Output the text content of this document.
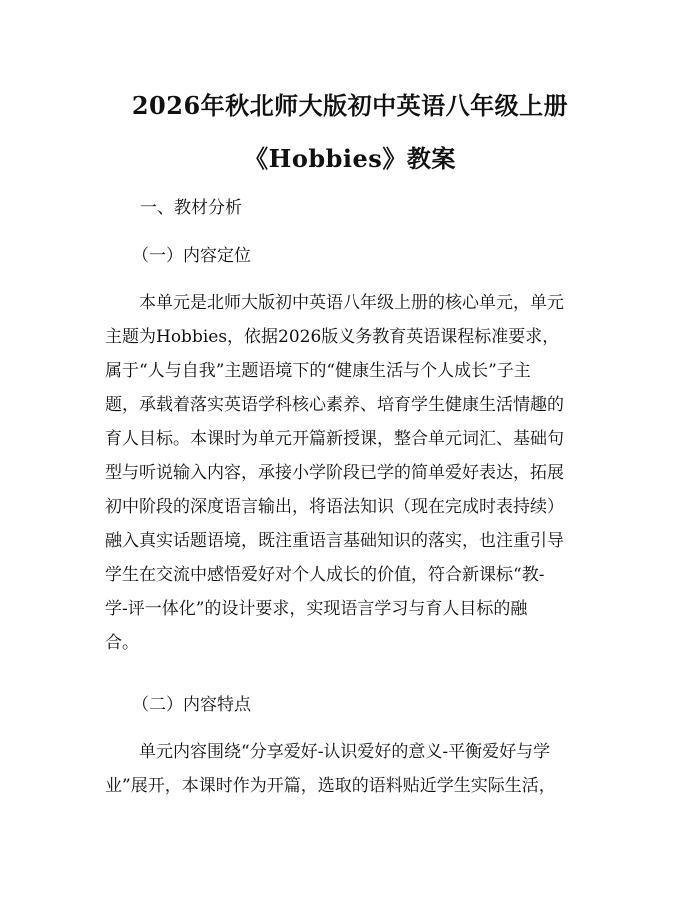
2026年秋北师大版初中英语八年级上册
《Hobbies》教案
一、教材分析
（一）内容定位
本单元是北师大版初中英语八年级上册的核心单元，单元
主题为Hobbies，依据2026版义务教育英语课程标准要求，
属于“人与自我”主题语境下的“健康生活与个人成长”子主
题，承载着落实英语学科核心素养、培育学生健康生活情趣的
育人目标。本课时为单元开篇新授课，整合单元词汇、基础句
型与听说输入内容，承接小学阶段已学的简单爱好表达，拓展
初中阶段的深度语言输出，将语法知识（现在完成时表持续）
融入真实话题语境，既注重语言基础知识的落实，也注重引导
学生在交流中感悟爱好对个人成长的价值，符合新课标“教-
学-评一体化”的设计要求，实现语言学习与育人目标的融
合。
（二）内容特点
单元内容围绕“分享爱好-认识爱好的意义-平衡爱好与学
业”展开，本课时作为开篇，选取的语料贴近学生实际生活，
